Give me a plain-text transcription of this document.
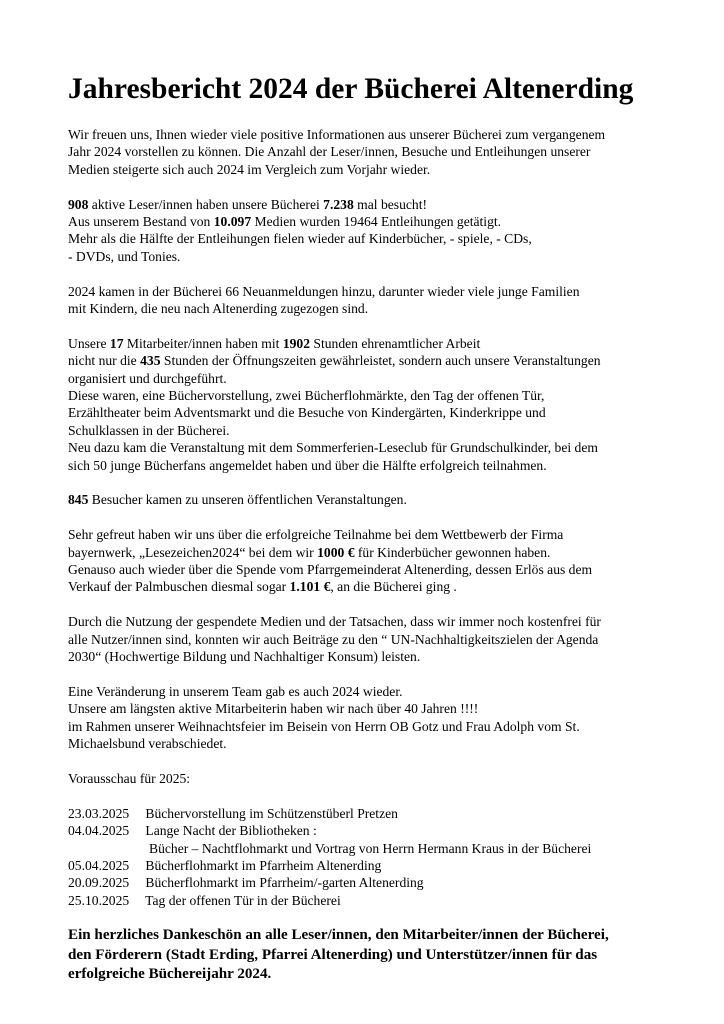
Jahresbericht 2024 der Bücherei Altenerding
Wir freuen uns, Ihnen wieder viele positive Informationen aus unserer Bücherei zum vergangenem
Jahr 2024 vorstellen zu können. Die Anzahl der Leser/innen, Besuche und Entleihungen unserer
Medien steigerte sich auch 2024 im Vergleich zum Vorjahr wieder.
908 aktive Leser/innen haben unsere Bücherei 7.238 mal besucht!
Aus unserem Bestand von 10.097 Medien wurden 19464 Entleihungen getätigt.
Mehr als die Hälfte der Entleihungen fielen wieder auf Kinderbücher, - spiele, - CDs,
- DVDs, und Tonies.
2024 kamen in der Bücherei 66 Neuanmeldungen hinzu, darunter wieder viele junge Familien
mit Kindern, die neu nach Altenerding zugezogen sind.
Unsere 17 Mitarbeiter/innen haben mit 1902 Stunden ehrenamtlicher Arbeit
nicht nur die 435 Stunden der Öffnungszeiten gewährleistet, sondern auch unsere Veranstaltungen
organisiert und durchgeführt.
Diese waren, eine Büchervorstellung, zwei Bücherflohmärkte, den Tag der offenen Tür,
Erzähltheater beim Adventsmarkt und die Besuche von Kindergärten, Kinderkrippe und
Schulklassen in der Bücherei.
Neu dazu kam die Veranstaltung mit dem Sommerferien-Leseclub für Grundschulkinder, bei dem
sich 50 junge Bücherfans angemeldet haben und über die Hälfte erfolgreich teilnahmen.
845 Besucher kamen zu unseren öffentlichen Veranstaltungen.
Sehr gefreut haben wir uns über die erfolgreiche Teilnahme bei dem Wettbewerb der Firma
bayernwerk, „Lesezeichen2024“ bei dem wir 1000 € für Kinderbücher gewonnen haben.
Genauso auch wieder über die Spende vom Pfarrgemeinderat Altenerding, dessen Erlös aus dem
Verkauf der Palmbuschen diesmal sogar 1.101 €, an die Bücherei ging .
Durch die Nutzung der gespendete Medien und der Tatsachen, dass wir immer noch kostenfrei für
alle Nutzer/innen sind, konnten wir auch Beiträge zu den “ UN-Nachhaltigkeitszielen der Agenda
2030“ (Hochwertige Bildung und Nachhaltiger Konsum) leisten.
Eine Veränderung in unserem Team gab es auch 2024 wieder.
Unsere am längsten aktive Mitarbeiterin haben wir nach über 40 Jahren !!!!
im Rahmen unserer Weihnachtsfeier im Beisein von Herrn OB Gotz und Frau Adolph vom St.
Michaelsbund verabschiedet.
Vorausschau für 2025:
23.03.2025 Büchervorstellung im Schützenstüberl Pretzen
04.04.2025 Lange Nacht der Bibliotheken :
Bücher – Nachtflohmarkt und Vortrag von Herrn Hermann Kraus in der Bücherei
05.04.2025 Bücherflohmarkt im Pfarrheim Altenerding
20.09.2025 Bücherflohmarkt im Pfarrheim/-garten Altenerding
25.10.2025 Tag der offenen Tür in der Bücherei
Ein herzliches Dankeschön an alle Leser/innen, den Mitarbeiter/innen der Bücherei,
den Förderern (Stadt Erding, Pfarrei Altenerding) und Unterstützer/innen für das
erfolgreiche Büchereijahr 2024.
